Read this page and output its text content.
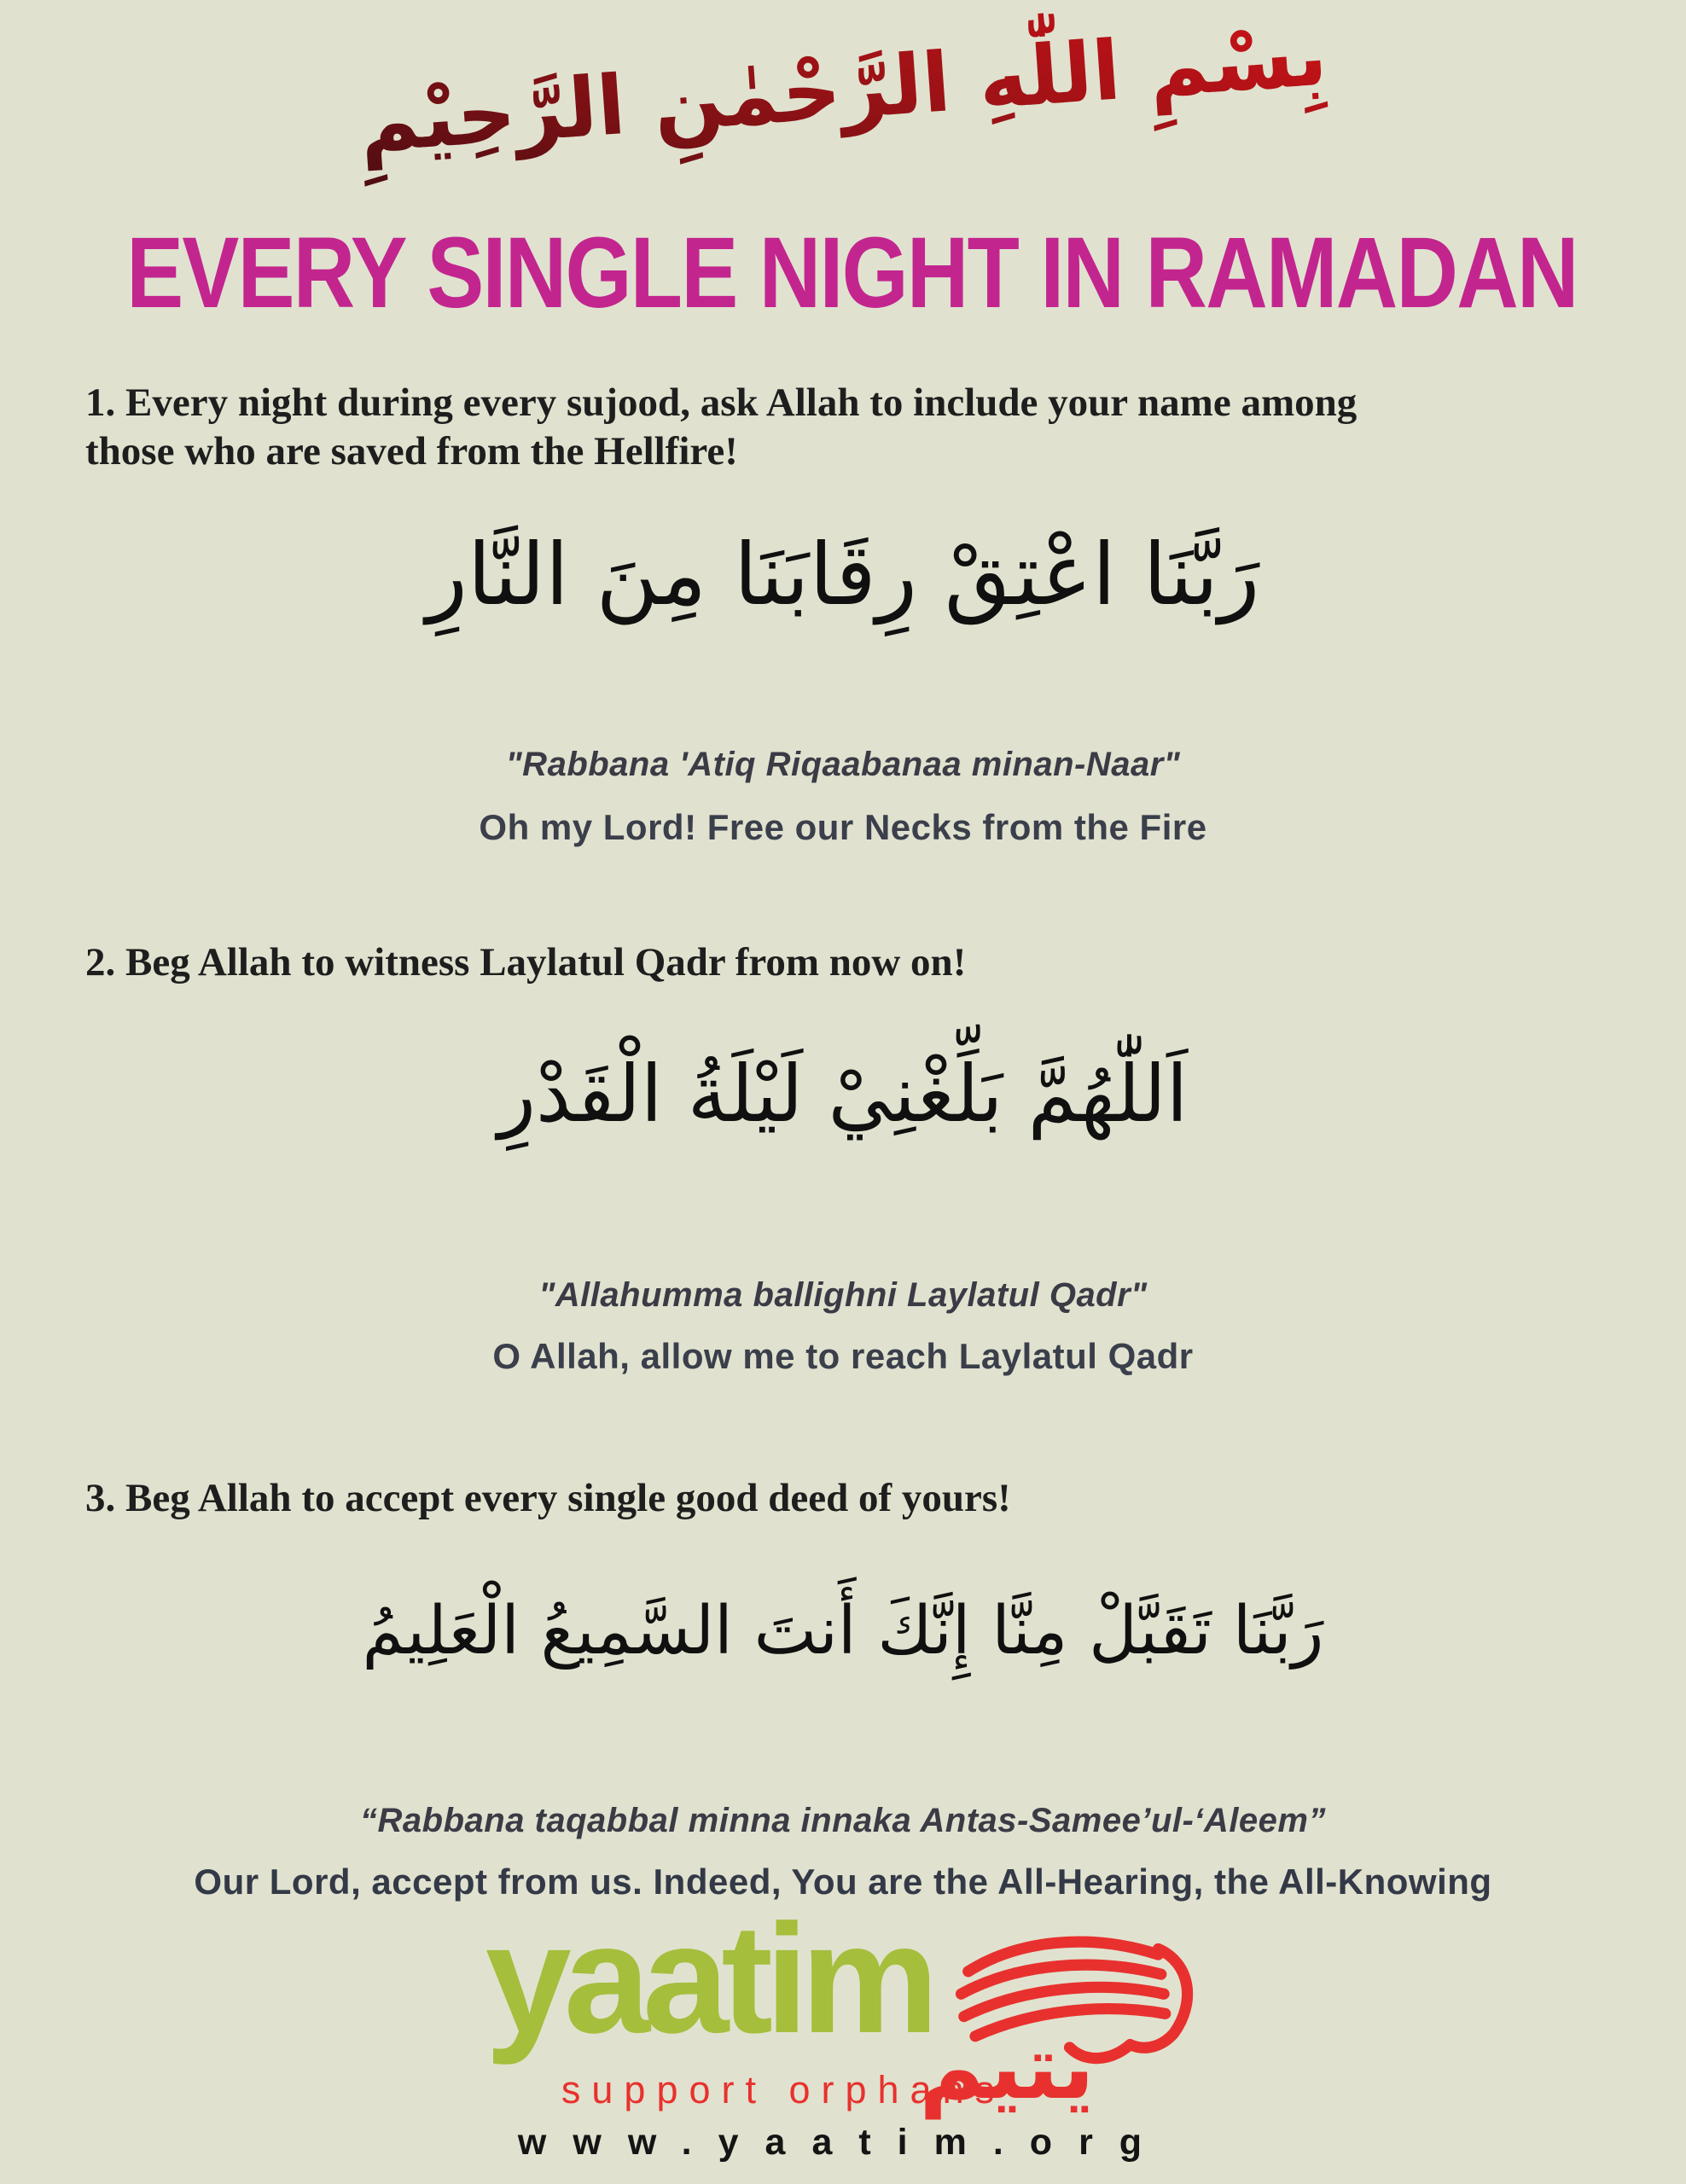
بِسْمِ اللّٰهِ الرَّحْمٰنِ الرَّحِيْمِ
EVERY SINGLE NIGHT IN RAMADAN
1. Every night during every sujood, ask Allah to include your name among those who are saved from the Hellfire!
رَبَّنَا اعْتِقْ رِقَابَنَا مِنَ النَّارِ
"Rabbana 'Atiq Riqaabanaa minan-Naar"
Oh my Lord! Free our Necks from the Fire
2. Beg Allah to witness Laylatul Qadr from now on!
اَللّٰهُمَّ بَلِّغْنِيْ لَيْلَةُ الْقَدْرِ
"Allahumma ballighni Laylatul Qadr"
O Allah, allow me to reach Laylatul Qadr
3. Beg Allah to accept every single good deed of yours!
رَبَّنَا تَقَبَّلْ مِنَّا إِنَّكَ أَنتَ السَّمِيعُ الْعَلِيمُ
“Rabbana taqabbal minna innaka Antas-Samee’ul-‘Aleem”
Our Lord, accept from us. Indeed, You are the All-Hearing, the All-Knowing
yaatim
يتيم
support orphans
www.yaatim.org
